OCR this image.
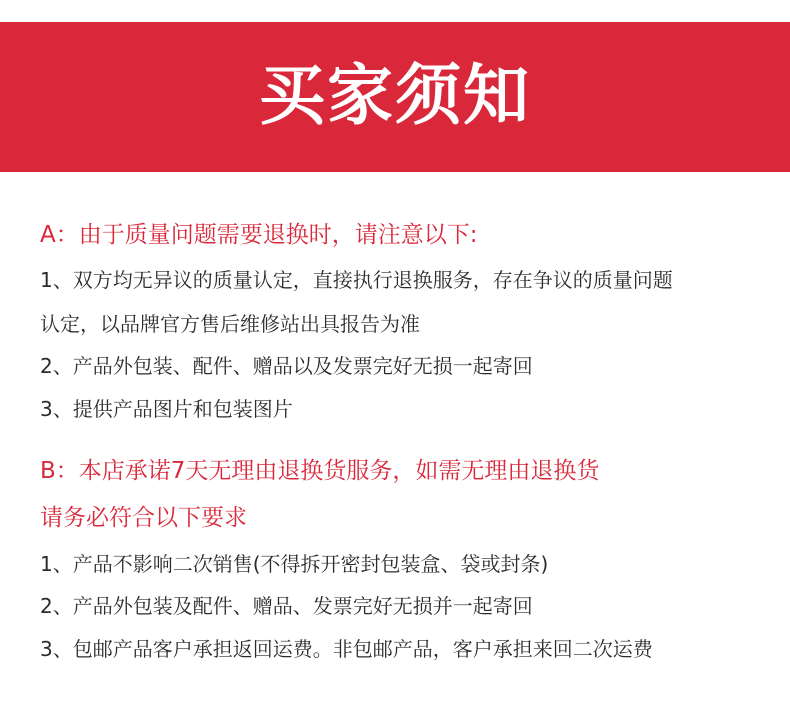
买家须知
A：由于质量问题需要退换时，请注意以下:
1、双方均无异议的质量认定，直接执行退换服务，存在争议的质量问题
认定，以品牌官方售后维修站出具报告为准
2、产品外包装、配件、赠品以及发票完好无损一起寄回
3、提供产品图片和包装图片
B：本店承诺7天无理由退换货服务，如需无理由退换货
请务必符合以下要求
1、产品不影响二次销售(不得拆开密封包装盒、袋或封条)
2、产品外包装及配件、赠品、发票完好无损并一起寄回
3、包邮产品客户承担返回运费。非包邮产品，客户承担来回二次运费
